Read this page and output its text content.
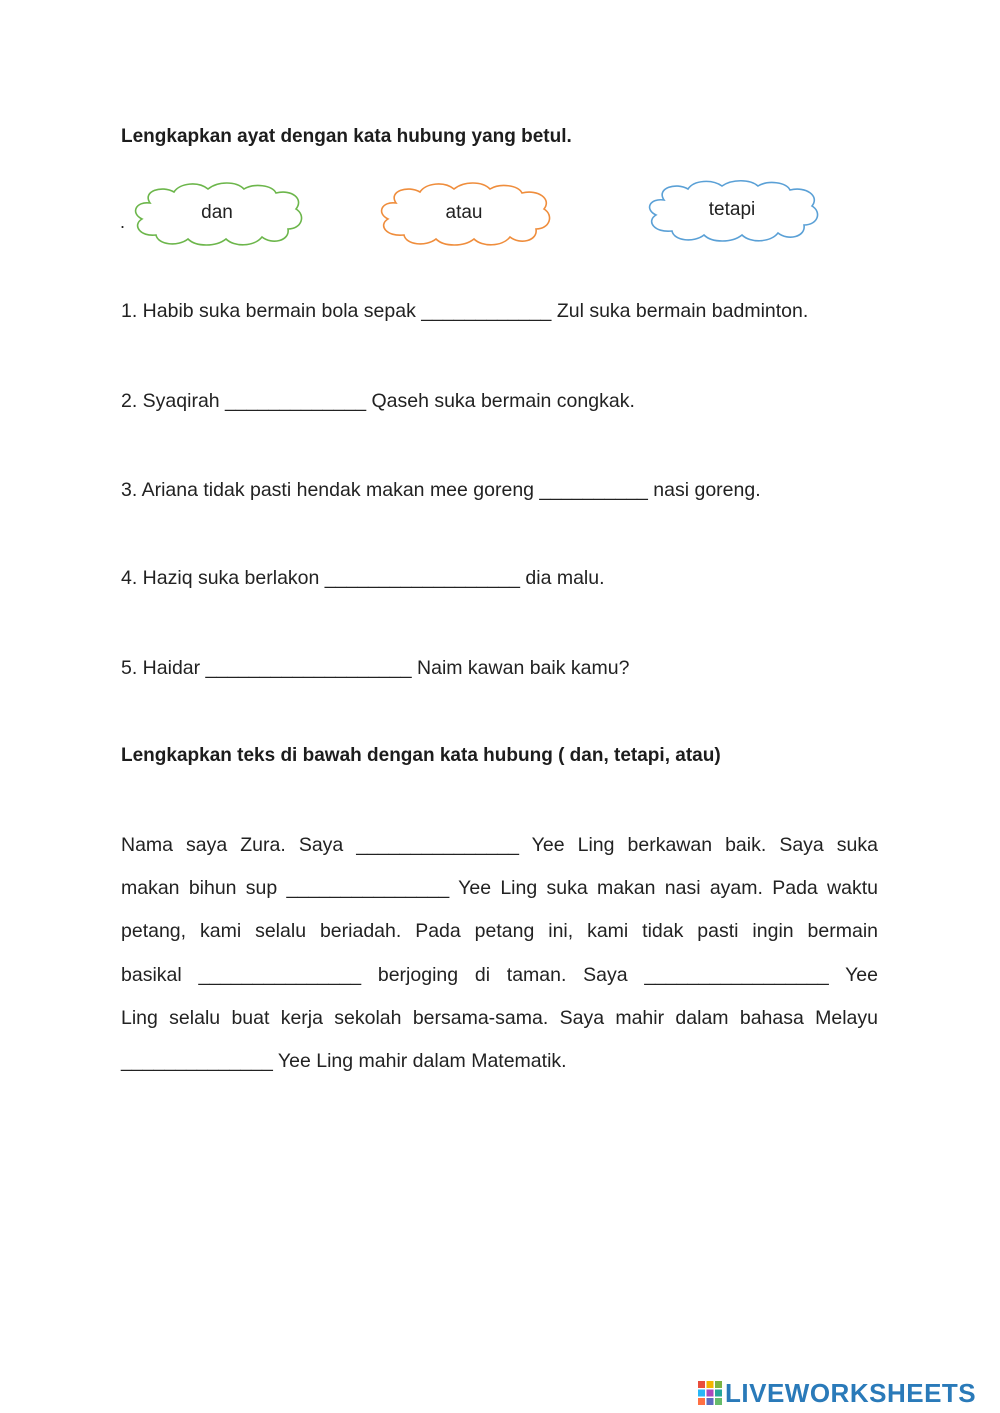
Lengkapkan ayat dengan kata hubung yang betul.
.	dan	atau	tetapi
1. Habib suka bermain bola sepak ____________ Zul suka bermain badminton.
2. Syaqirah _____________ Qaseh suka bermain congkak.
3. Ariana tidak pasti hendak makan mee goreng __________ nasi goreng.
4. Haziq suka berlakon __________________ dia malu.
5. Haidar ___________________ Naim kawan baik kamu?
Lengkapkan teks di bawah dengan kata hubung ( dan, tetapi, atau)
Nama saya Zura. Saya _______________ Yee Ling berkawan baik. Saya suka
makan bihun sup _______________ Yee Ling suka makan nasi ayam. Pada waktu
petang, kami selalu beriadah. Pada petang ini, kami tidak pasti ingin bermain
basikal _______________ berjoging di taman. Saya _________________ Yee
Ling selalu buat kerja sekolah bersama-sama. Saya mahir dalam bahasa Melayu
______________ Yee Ling mahir dalam Matematik.
LIVEWORKSHEETS
